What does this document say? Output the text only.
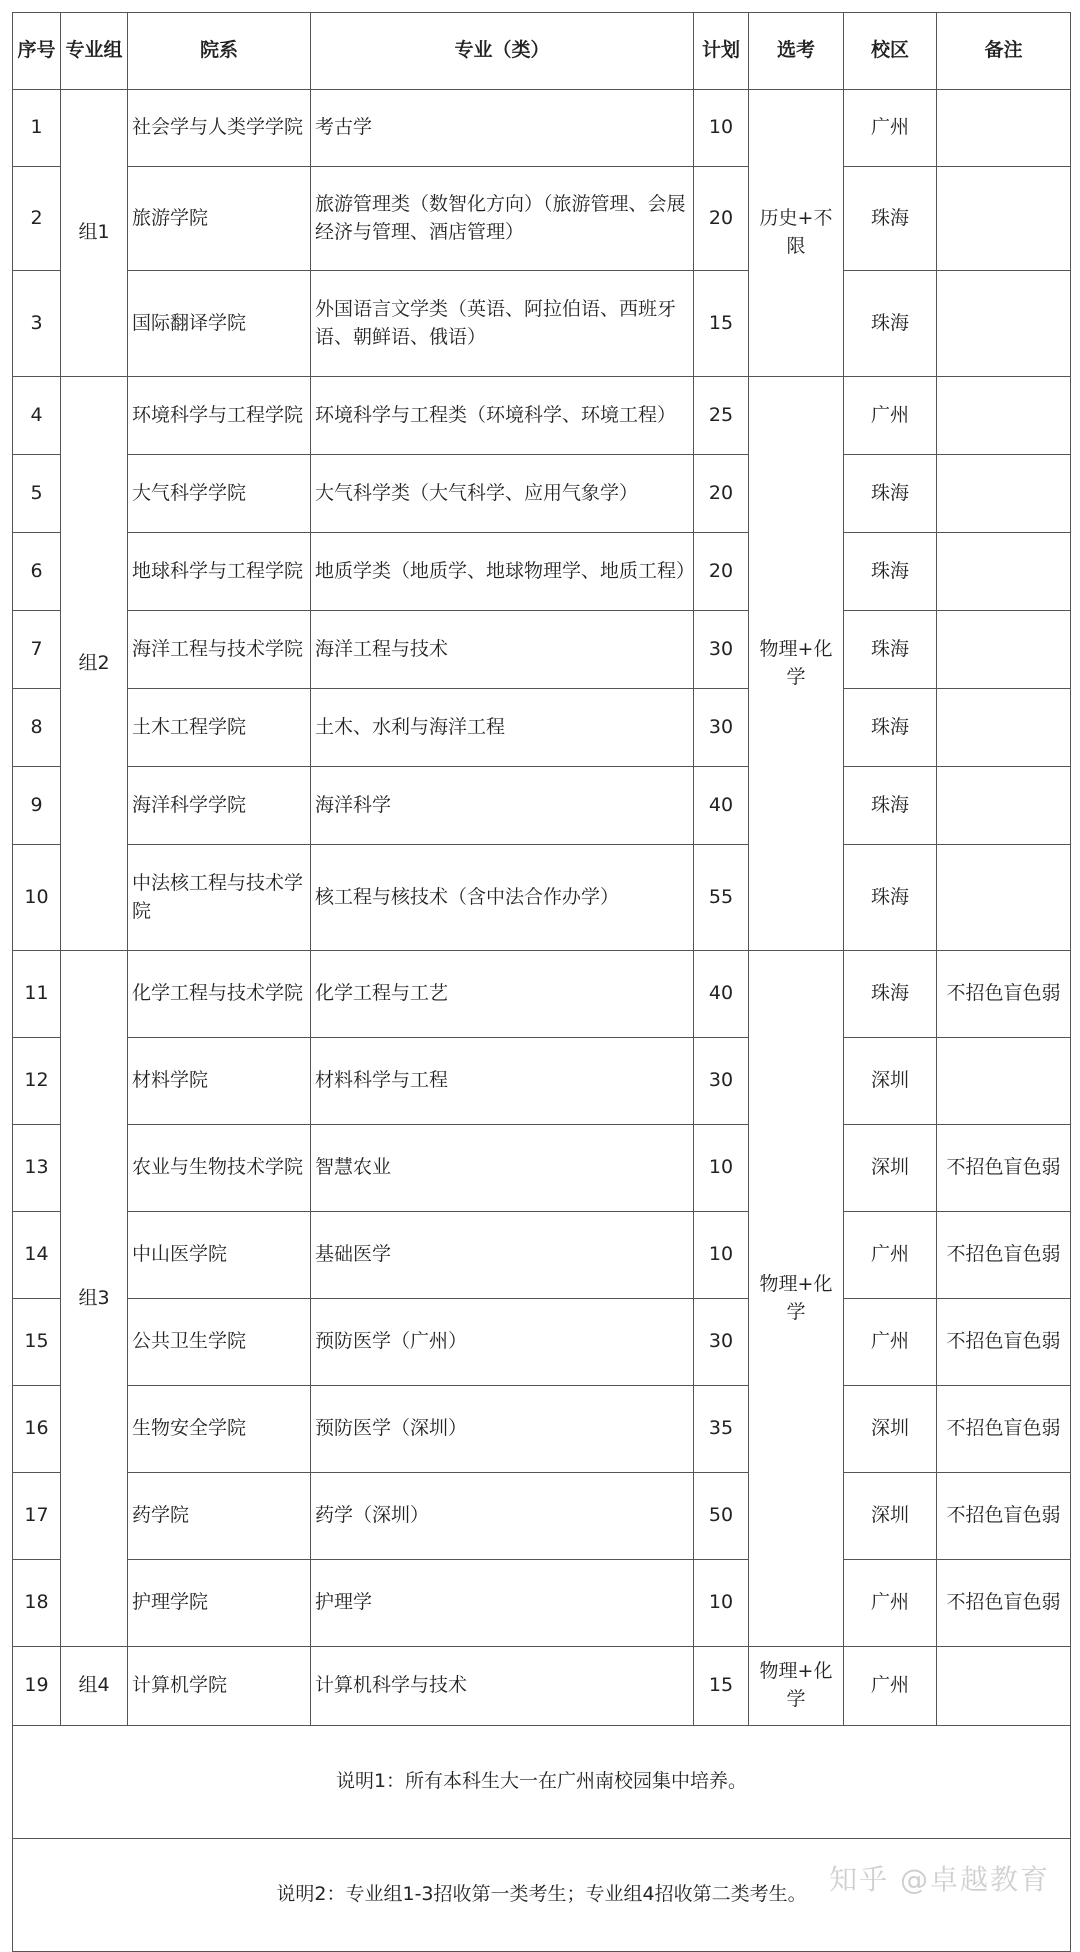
序号	专业组	院系	专业（类）	计划	选考	校区	备注
1	组1	社会学与人类学学院	考古学	10	历史+不限	广州	
2		旅游学院	旅游管理类（数智化方向）（旅游管理、会展经济与管理、酒店管理）	20		珠海	
3		国际翻译学院	外国语言文学类（英语、阿拉伯语、西班牙语、朝鲜语、俄语）	15		珠海	
4	组2	环境科学与工程学院	环境科学与工程类（环境科学、环境工程）	25	物理+化学	广州	
5		大气科学学院	大气科学类（大气科学、应用气象学）	20		珠海	
6		地球科学与工程学院	地质学类（地质学、地球物理学、地质工程）	20		珠海	
7		海洋工程与技术学院	海洋工程与技术	30		珠海	
8		土木工程学院	土木、水利与海洋工程	30		珠海	
9		海洋科学学院	海洋科学	40		珠海	
10		中法核工程与技术学院	核工程与核技术（含中法合作办学）	55		珠海	
11	组3	化学工程与技术学院	化学工程与工艺	40	物理+化学	珠海	不招色盲色弱
12		材料学院	材料科学与工程	30		深圳	
13		农业与生物技术学院	智慧农业	10		深圳	不招色盲色弱
14		中山医学院	基础医学	10		广州	不招色盲色弱
15		公共卫生学院	预防医学（广州）	30		广州	不招色盲色弱
16		生物安全学院	预防医学（深圳）	35		深圳	不招色盲色弱
17		药学院	药学（深圳）	50		深圳	不招色盲色弱
18		护理学院	护理学	10		广州	不招色盲色弱
19	组4	计算机学院	计算机科学与技术	15	物理+化学	广州	
说明1：所有本科生大一在广州南校园集中培养。							
说明2：专业组1-3招收第一类考生；专业组4招收第二类考生。							知乎 @卓越教育
